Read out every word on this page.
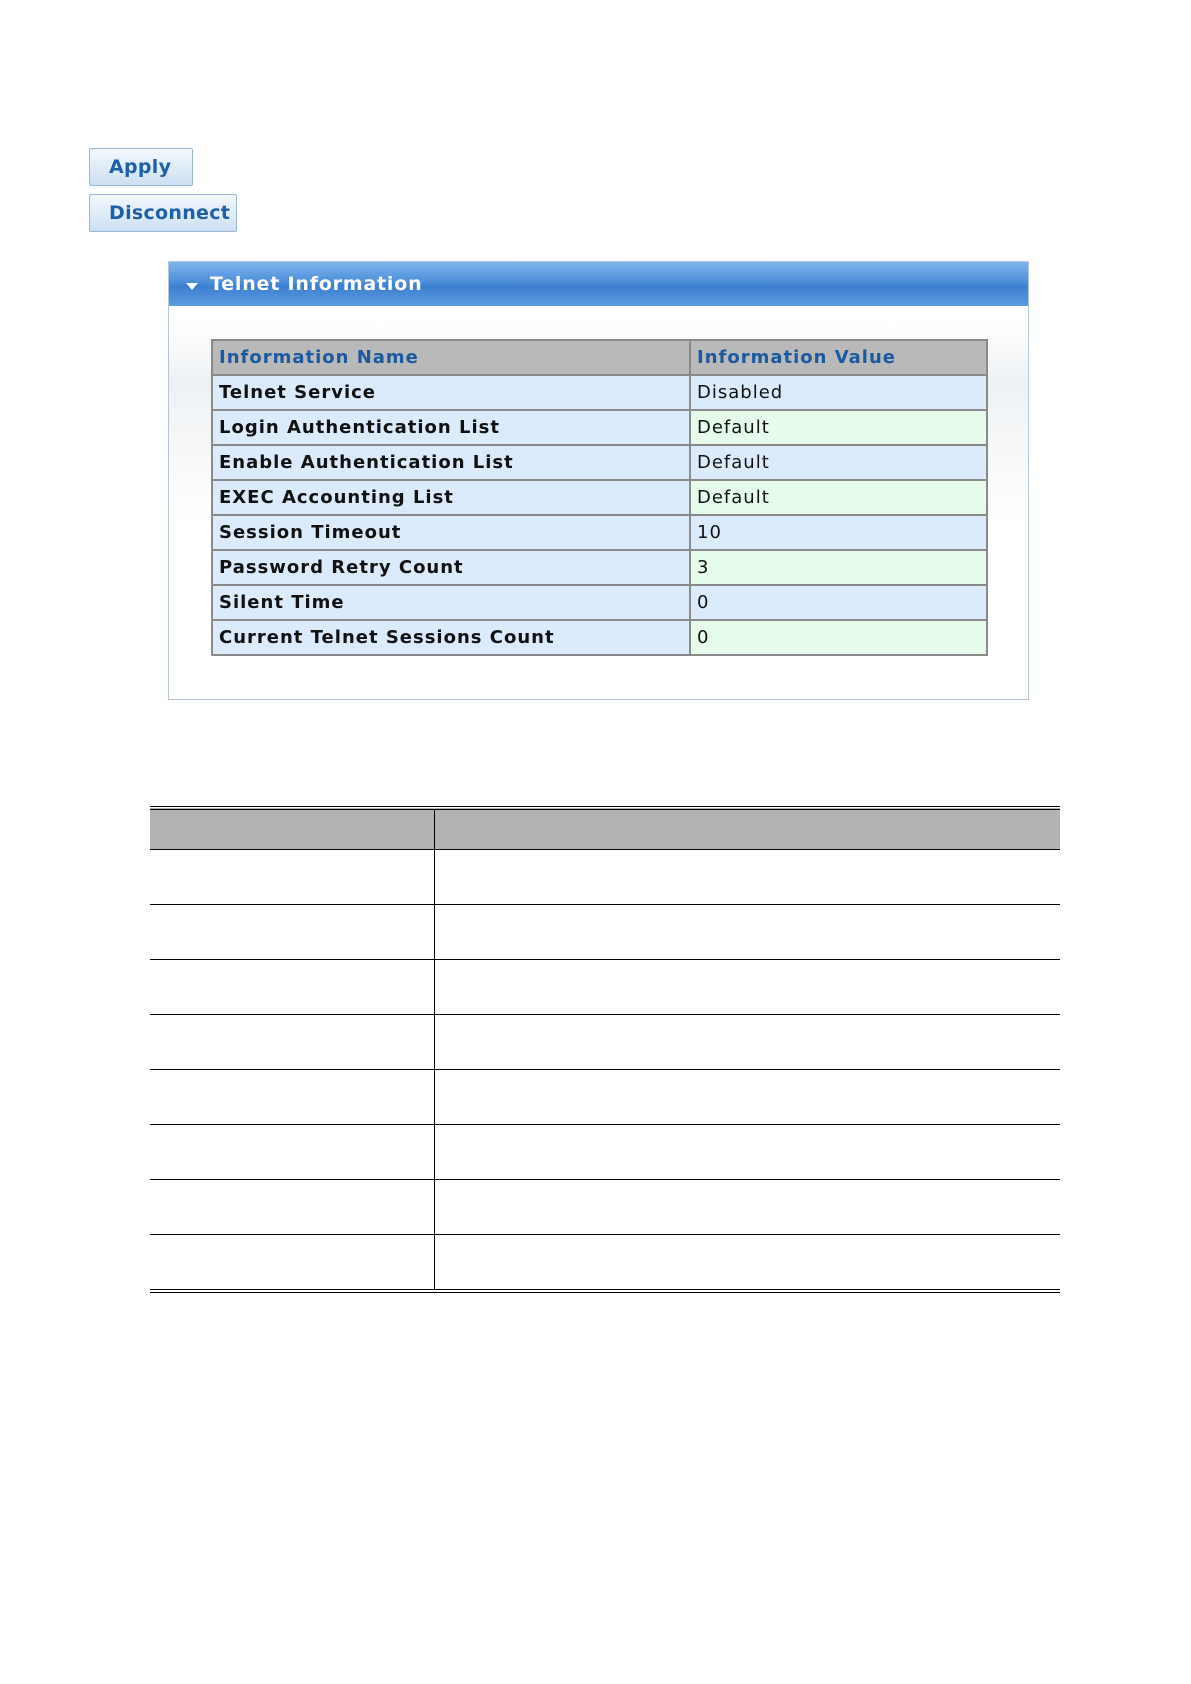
Apply
Disconnect
Telnet Information
Information Name	Information Value
Telnet Service	Disabled
Login Authentication List	Default
Enable Authentication List	Default
EXEC Accounting List	Default
Session Timeout	10
Password Retry Count	3
Silent Time	0
Current Telnet Sessions Count	0
